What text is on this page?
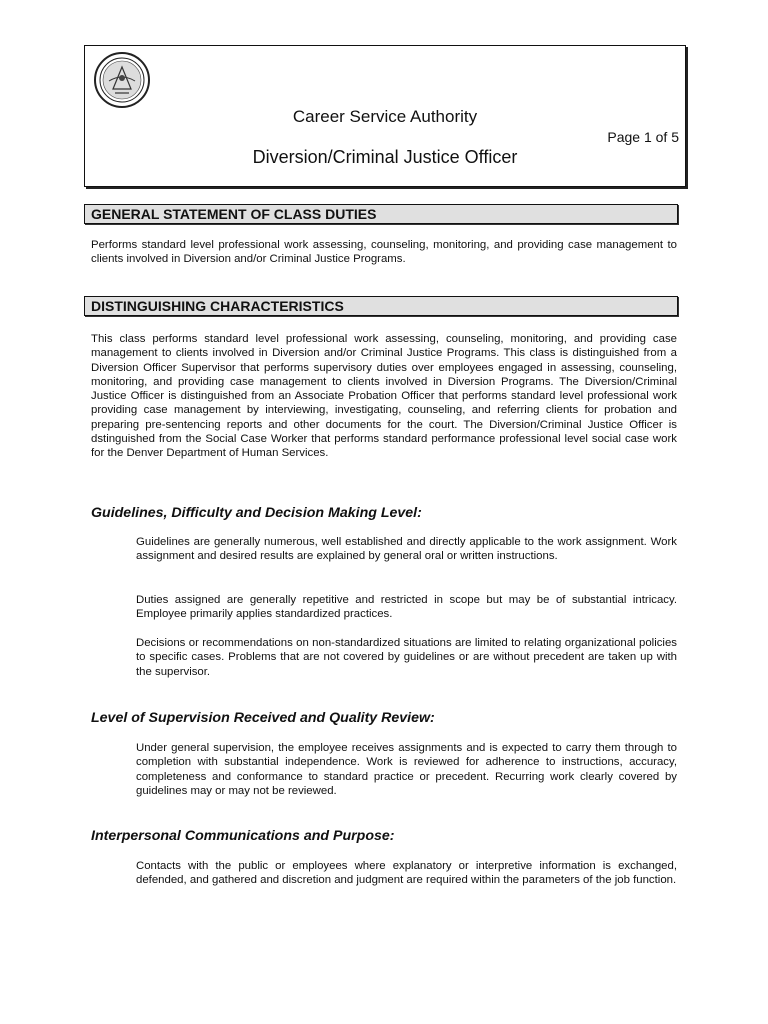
Career Service Authority
Page 1 of 5
Diversion/Criminal Justice Officer
GENERAL STATEMENT OF CLASS DUTIES

Performs standard level professional work assessing, counseling, monitoring, and providing case management to clients involved in Diversion and/or Criminal Justice Programs.

DISTINGUISHING CHARACTERISTICS

This class performs standard level professional work assessing, counseling, monitoring, and providing case management to clients involved in Diversion and/or Criminal Justice Programs. This class is distinguished from a Diversion Officer Supervisor that performs supervisory duties over employees engaged in assessing, counseling, monitoring, and providing case management to clients involved in Diversion Programs. The Diversion/Criminal Justice Officer is distinguished from an Associate Probation Officer that performs standard level professional work providing case management by interviewing, investigating, counseling, and referring clients for probation and preparing pre-sentencing reports and other documents for the court. The Diversion/Criminal Justice Officer is dstinguished from the Social Case Worker that performs standard performance professional level social case work for the Denver Department of Human Services.

Guidelines, Difficulty and Decision Making Level:

Guidelines are generally numerous, well established and directly applicable to the work assignment. Work assignment and desired results are explained by general oral or written instructions.

Duties assigned are generally repetitive and restricted in scope but may be of substantial intricacy. Employee primarily applies standardized practices.

Decisions or recommendations on non-standardized situations are limited to relating organizational policies to specific cases. Problems that are not covered by guidelines or are without precedent are taken up with the supervisor.

Level of Supervision Received and Quality Review:

Under general supervision, the employee receives assignments and is expected to carry them through to completion with substantial independence. Work is reviewed for adherence to instructions, accuracy, completeness and conformance to standard practice or precedent. Recurring work clearly covered by guidelines may or may not be reviewed.

Interpersonal Communications and Purpose:

Contacts with the public or employees where explanatory or interpretive information is exchanged, defended, and gathered and discretion and judgment are required within the parameters of the job function.
